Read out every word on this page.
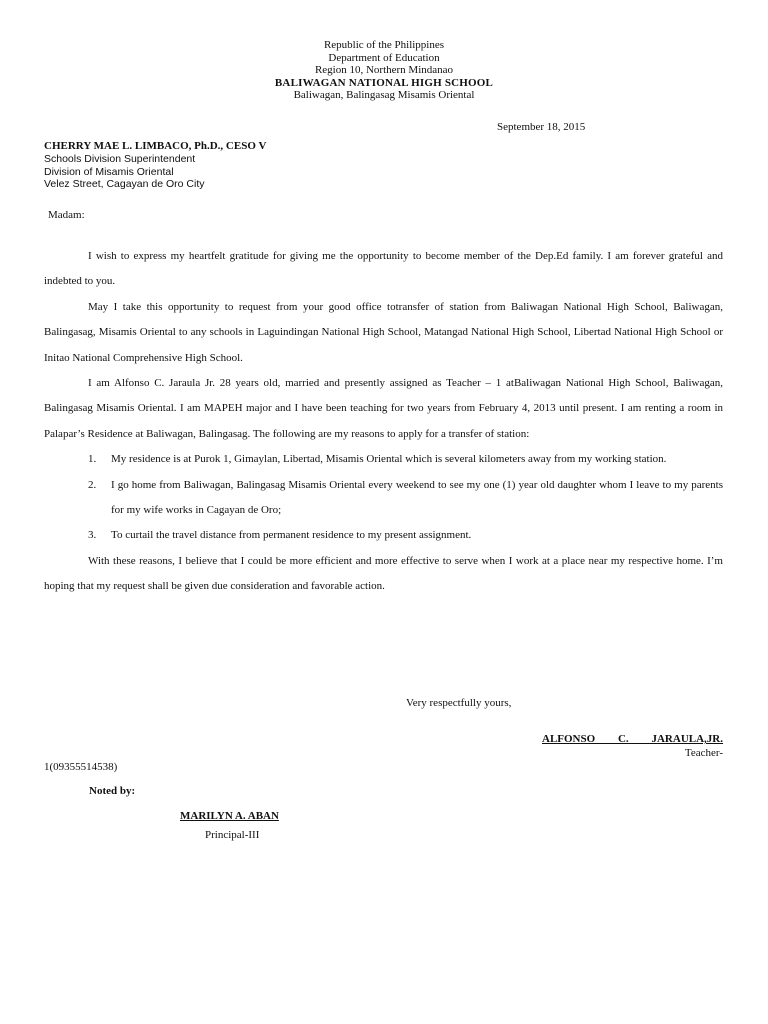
Republic of the Philippines
Department of Education
Region 10, Northern Mindanao
BALIWAGAN NATIONAL HIGH SCHOOL
Baliwagan, Balingasag Misamis Oriental
September 18, 2015
CHERRY MAE L. LIMBACO, Ph.D., CESO V
Schools Division Superintendent
Division of Misamis Oriental
Velez Street, Cagayan de Oro City
Madam:

I wish to express my heartfelt gratitude for giving me the opportunity to become member of the Dep.Ed family. I am forever grateful and indebted to you.

May I take this opportunity to request from your good office totransfer of station from Baliwagan National High School, Baliwagan, Balingasag, Misamis Oriental to any schools in Laguindingan National High School, Matangad National High School, Libertad National High School or Initao National Comprehensive High School.

I am Alfonso C. Jaraula Jr. 28 years old, married and presently assigned as Teacher – 1 atBaliwagan National High School, Baliwagan, Balingasag Misamis Oriental. I am MAPEH major and I have been teaching for two years from February 4, 2013 until present. I am renting a room in Palapar’s Residence at Baliwagan, Balingasag. The following are my reasons to apply for a transfer of station:

1. My residence is at Purok 1, Gimaylan, Libertad, Misamis Oriental which is several kilometers away from my working station.
2. I go home from Baliwagan, Balingasag Misamis Oriental every weekend to see my one (1) year old daughter whom I leave to my parents for my wife works in Cagayan de Oro;
3. To curtail the travel distance from permanent residence to my present assignment.

With these reasons, I believe that I could be more efficient and more effective to serve when I work at a place near my respective home. I’m hoping that my request shall be given due consideration and favorable action.

Very respectfully yours,
ALFONSO C. JARAULA,JR.
Teacher-
1(09355514538)
Noted by:
MARILYN A. ABAN
Principal-III
